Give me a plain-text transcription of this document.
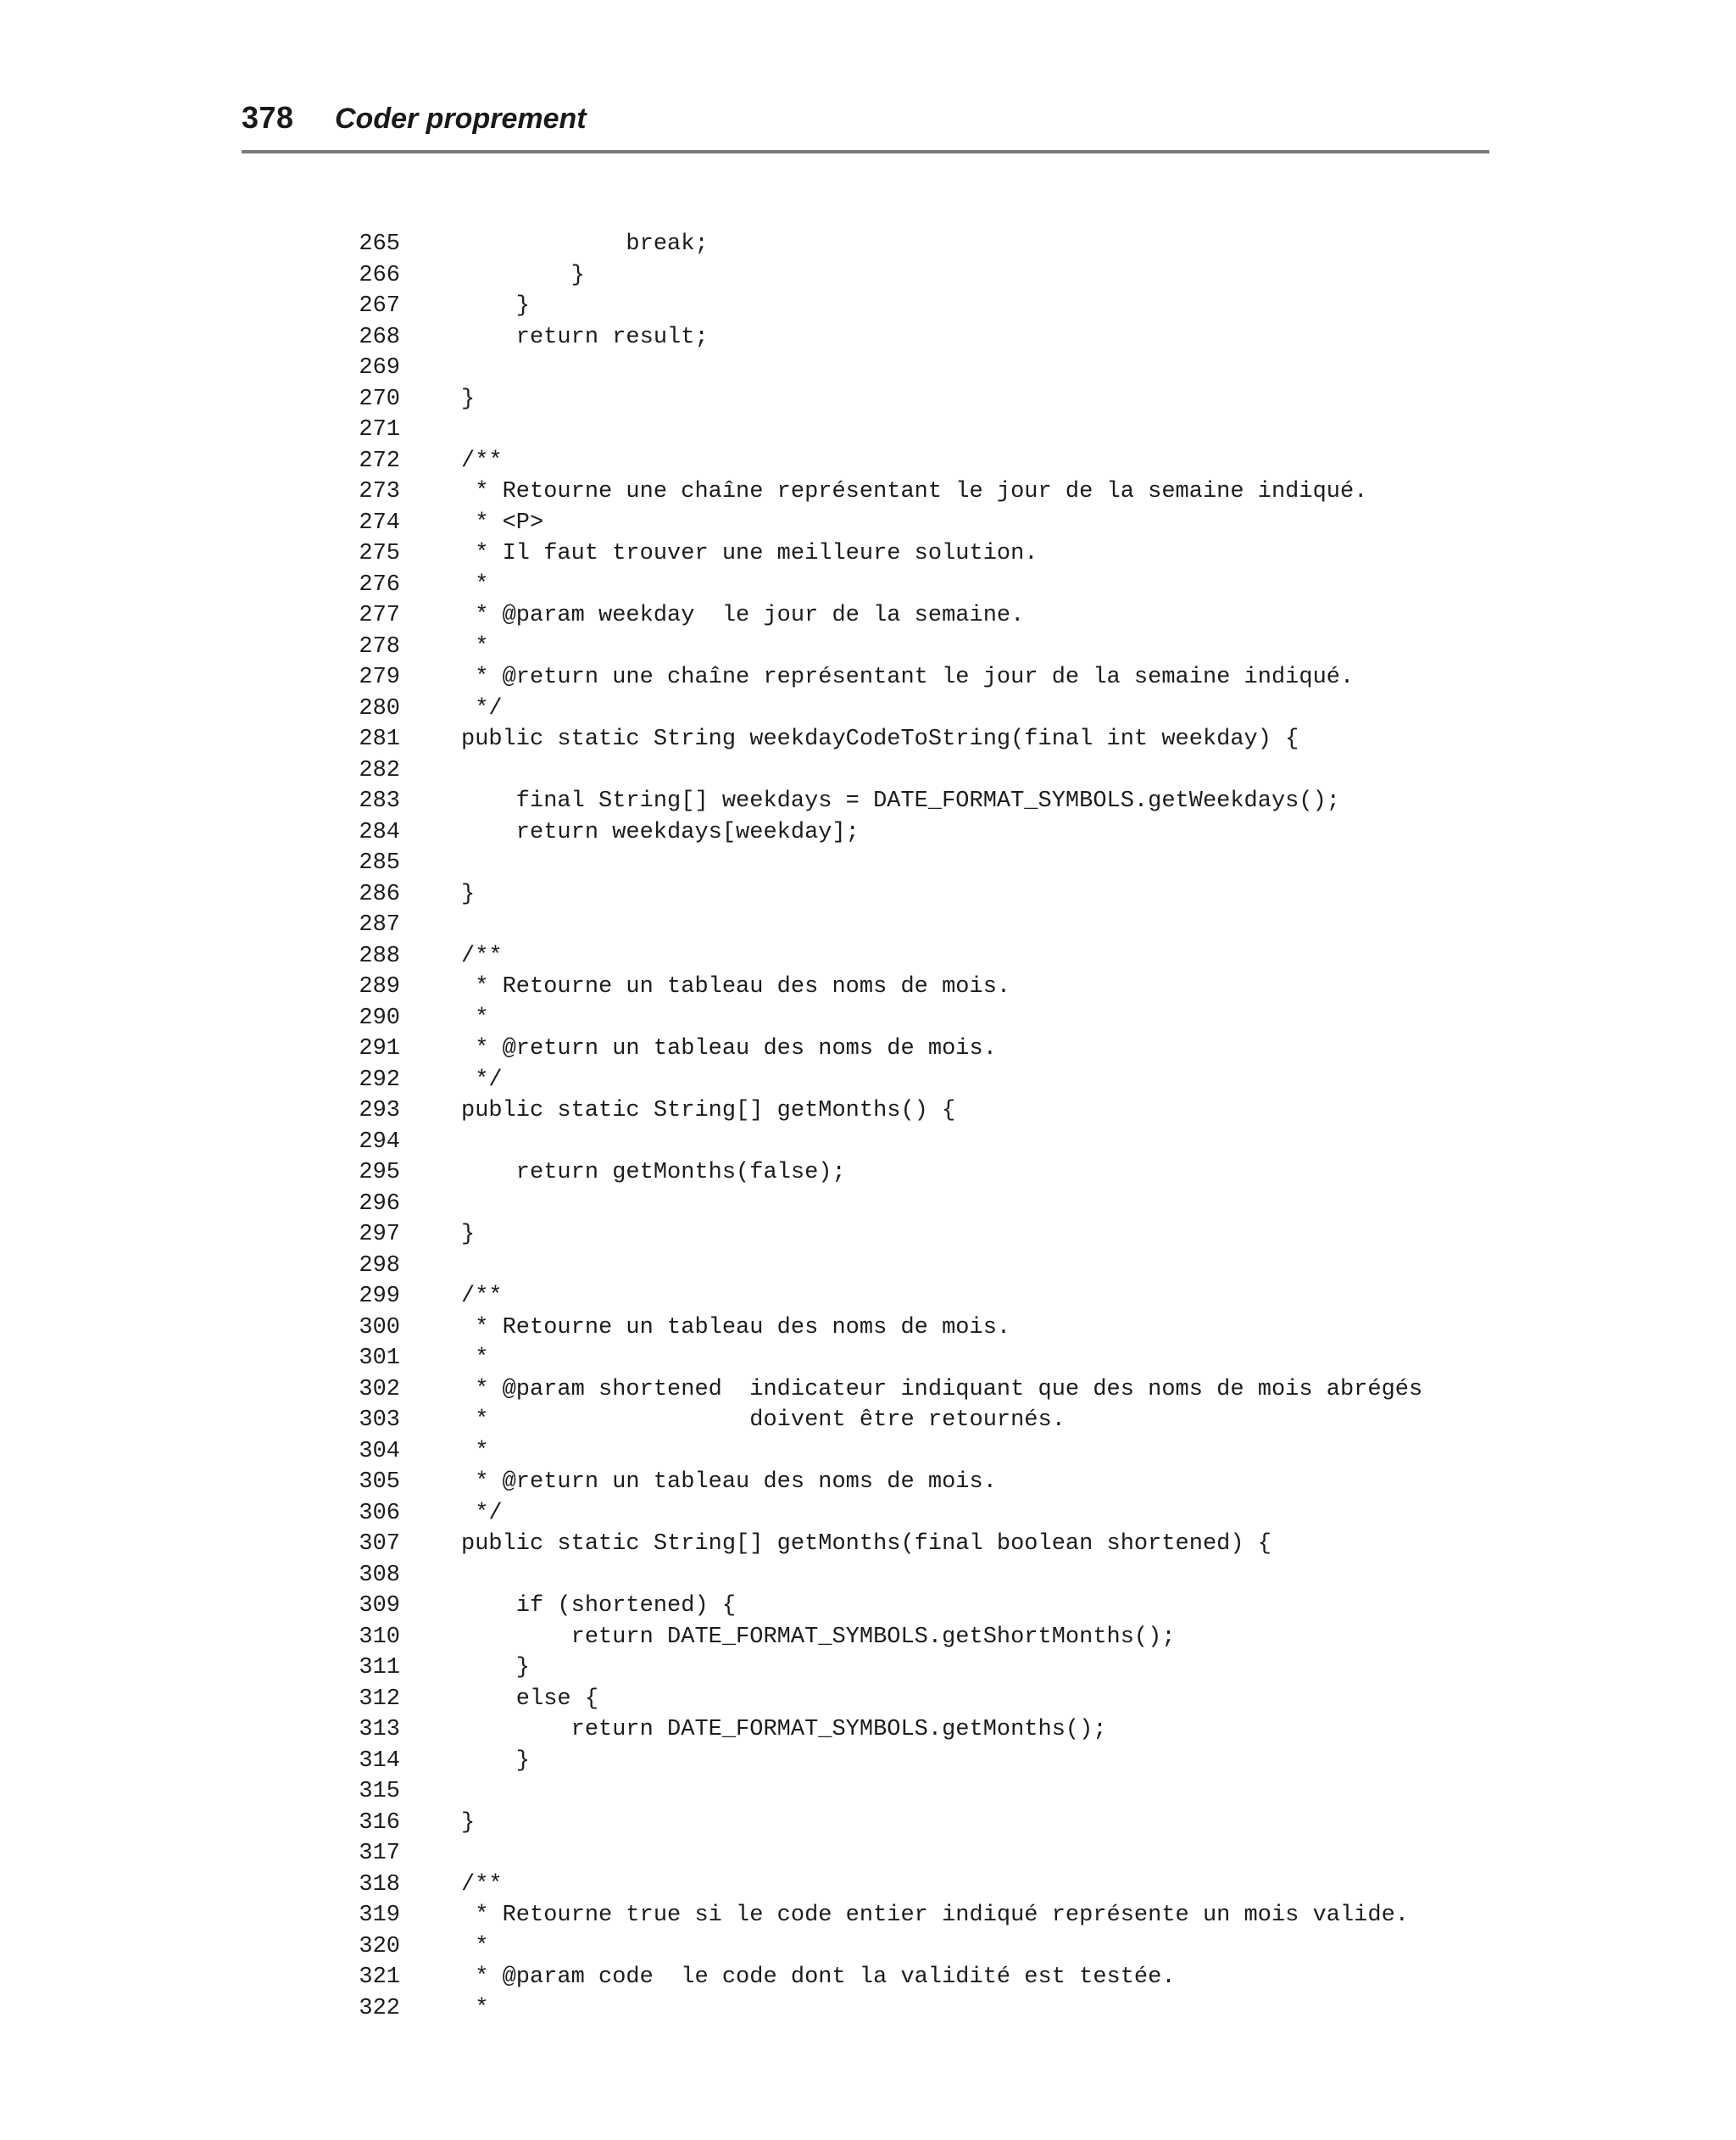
378	Coder proprement
265	break;
266	}
267	}
268	return result;
269
270	}
271
272	/**
273	* Retourne une chaîne représentant le jour de la semaine indiqué.
274	* <P>
275	* Il faut trouver une meilleure solution.
276	*
277	* @param weekday  le jour de la semaine.
278	*
279	* @return une chaîne représentant le jour de la semaine indiqué.
280	*/
281	public static String weekdayCodeToString(final int weekday) {
282
283	final String[] weekdays = DATE_FORMAT_SYMBOLS.getWeekdays();
284	return weekdays[weekday];
285
286	}
287
288	/**
289	* Retourne un tableau des noms de mois.
290	*
291	* @return un tableau des noms de mois.
292	*/
293	public static String[] getMonths() {
294
295	return getMonths(false);
296
297	}
298
299	/**
300	* Retourne un tableau des noms de mois.
301	*
302	* @param shortened  indicateur indiquant que des noms de mois abrégés
303	*                   doivent être retournés.
304	*
305	* @return un tableau des noms de mois.
306	*/
307	public static String[] getMonths(final boolean shortened) {
308
309	if (shortened) {
310	return DATE_FORMAT_SYMBOLS.getShortMonths();
311	}
312	else {
313	return DATE_FORMAT_SYMBOLS.getMonths();
314	}
315
316	}
317
318	/**
319	* Retourne true si le code entier indiqué représente un mois valide.
320	*
321	* @param code  le code dont la validité est testée.
322	*
